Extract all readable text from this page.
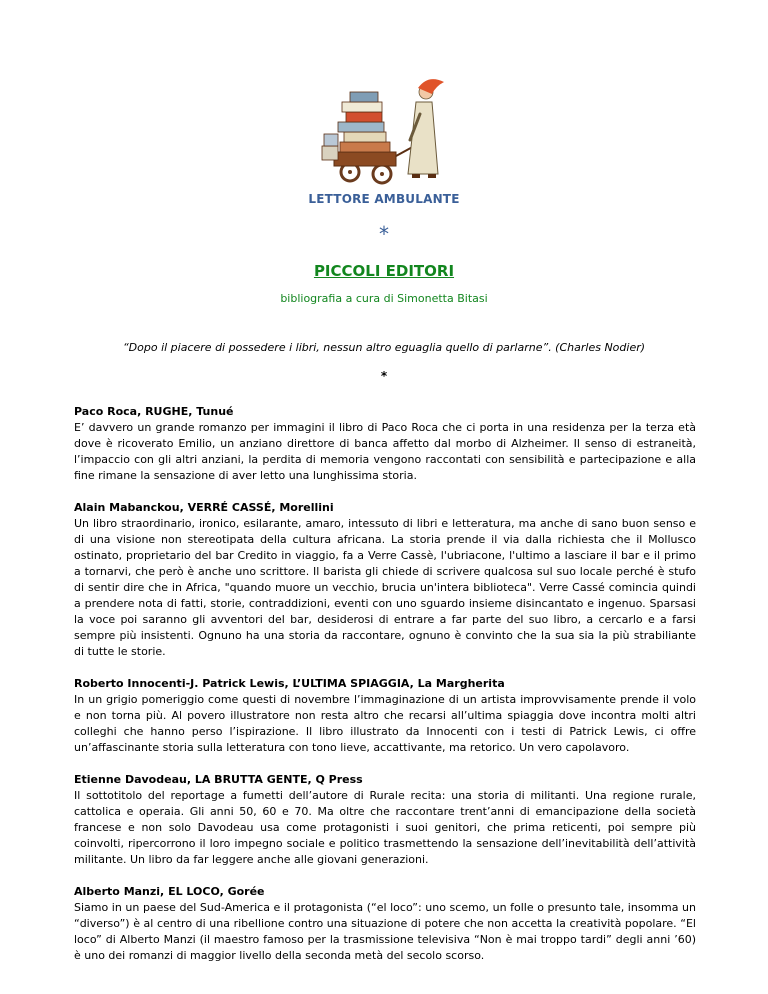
LETTORE AMBULANTE
*
PICCOLI EDITORI
bibliografia a cura di Simonetta Bitasi
“Dopo il piacere di possedere i libri, nessun altro eguaglia quello di parlarne”. (Charles Nodier)
*
Paco Roca, RUGHE, Tunué
E’ davvero un grande romanzo per immagini il libro di Paco Roca che ci porta in una residenza per la terza età dove è ricoverato Emilio, un anziano direttore di banca affetto dal morbo di Alzheimer. Il senso di estraneità, l’impaccio con gli altri anziani, la perdita di memoria vengono raccontati con sensibilità e partecipazione e alla fine rimane la sensazione di aver letto una lunghissima storia.
Alain Mabanckou, VERRÉ CASSÉ, Morellini
Un libro straordinario, ironico, esilarante, amaro, intessuto di libri e letteratura, ma anche di sano buon senso e di una visione non stereotipata della cultura africana. La storia prende il via dalla richiesta che il Mollusco ostinato, proprietario del bar Credito in viaggio, fa a Verre Cassè, l'ubriacone, l'ultimo a lasciare il bar e il primo a tornarvi, che però è anche uno scrittore. Il barista gli chiede di scrivere qualcosa sul suo locale perché è stufo di sentir dire che in Africa, "quando muore un vecchio, brucia un'intera biblioteca". Verre Cassé comincia quindi a prendere nota di fatti, storie, contraddizioni, eventi con uno sguardo insieme disincantato e ingenuo. Sparsasi la voce poi saranno gli avventori del bar, desiderosi di entrare a far parte del suo libro, a cercarlo e a farsi sempre più insistenti. Ognuno ha una storia da raccontare, ognuno è convinto che la sua sia la più strabiliante di tutte le storie.
Roberto Innocenti-J. Patrick Lewis, L’ULTIMA SPIAGGIA, La Margherita
In un grigio pomeriggio come questi di novembre l’immaginazione di un artista improvvisamente prende il volo e non torna più. Al povero illustratore non resta altro che recarsi all’ultima spiaggia dove incontra molti altri colleghi che hanno perso l’ispirazione. Il libro illustrato da Innocenti con i testi di Patrick Lewis, ci offre un’affascinante storia sulla letteratura con tono lieve, accattivante, ma retorico. Un vero capolavoro.
Etienne Davodeau, LA BRUTTA GENTE, Q Press
Il sottotitolo del reportage a fumetti dell’autore di Rurale recita: una storia di militanti. Una regione rurale, cattolica e operaia. Gli anni 50, 60 e 70. Ma oltre che raccontare trent’anni di emancipazione della società francese e non solo Davodeau usa come protagonisti i suoi genitori, che prima reticenti, poi sempre più coinvolti, ripercorrono il loro impegno sociale e politico trasmettendo la sensazione dell’inevitabilità dell’attività militante. Un libro da far leggere anche alle giovani generazioni.
Alberto Manzi, EL LOCO, Gorée
Siamo in un paese del Sud-America e il protagonista (“el loco”: uno scemo, un folle o presunto tale, insomma un “diverso”) è al centro di una ribellione contro una situazione di potere che non accetta la creatività popolare. “El loco” di Alberto Manzi (il maestro famoso per la trasmissione televisiva “Non è mai troppo tardi” degli anni ’60) è uno dei romanzi di maggior livello della seconda metà del secolo scorso.
